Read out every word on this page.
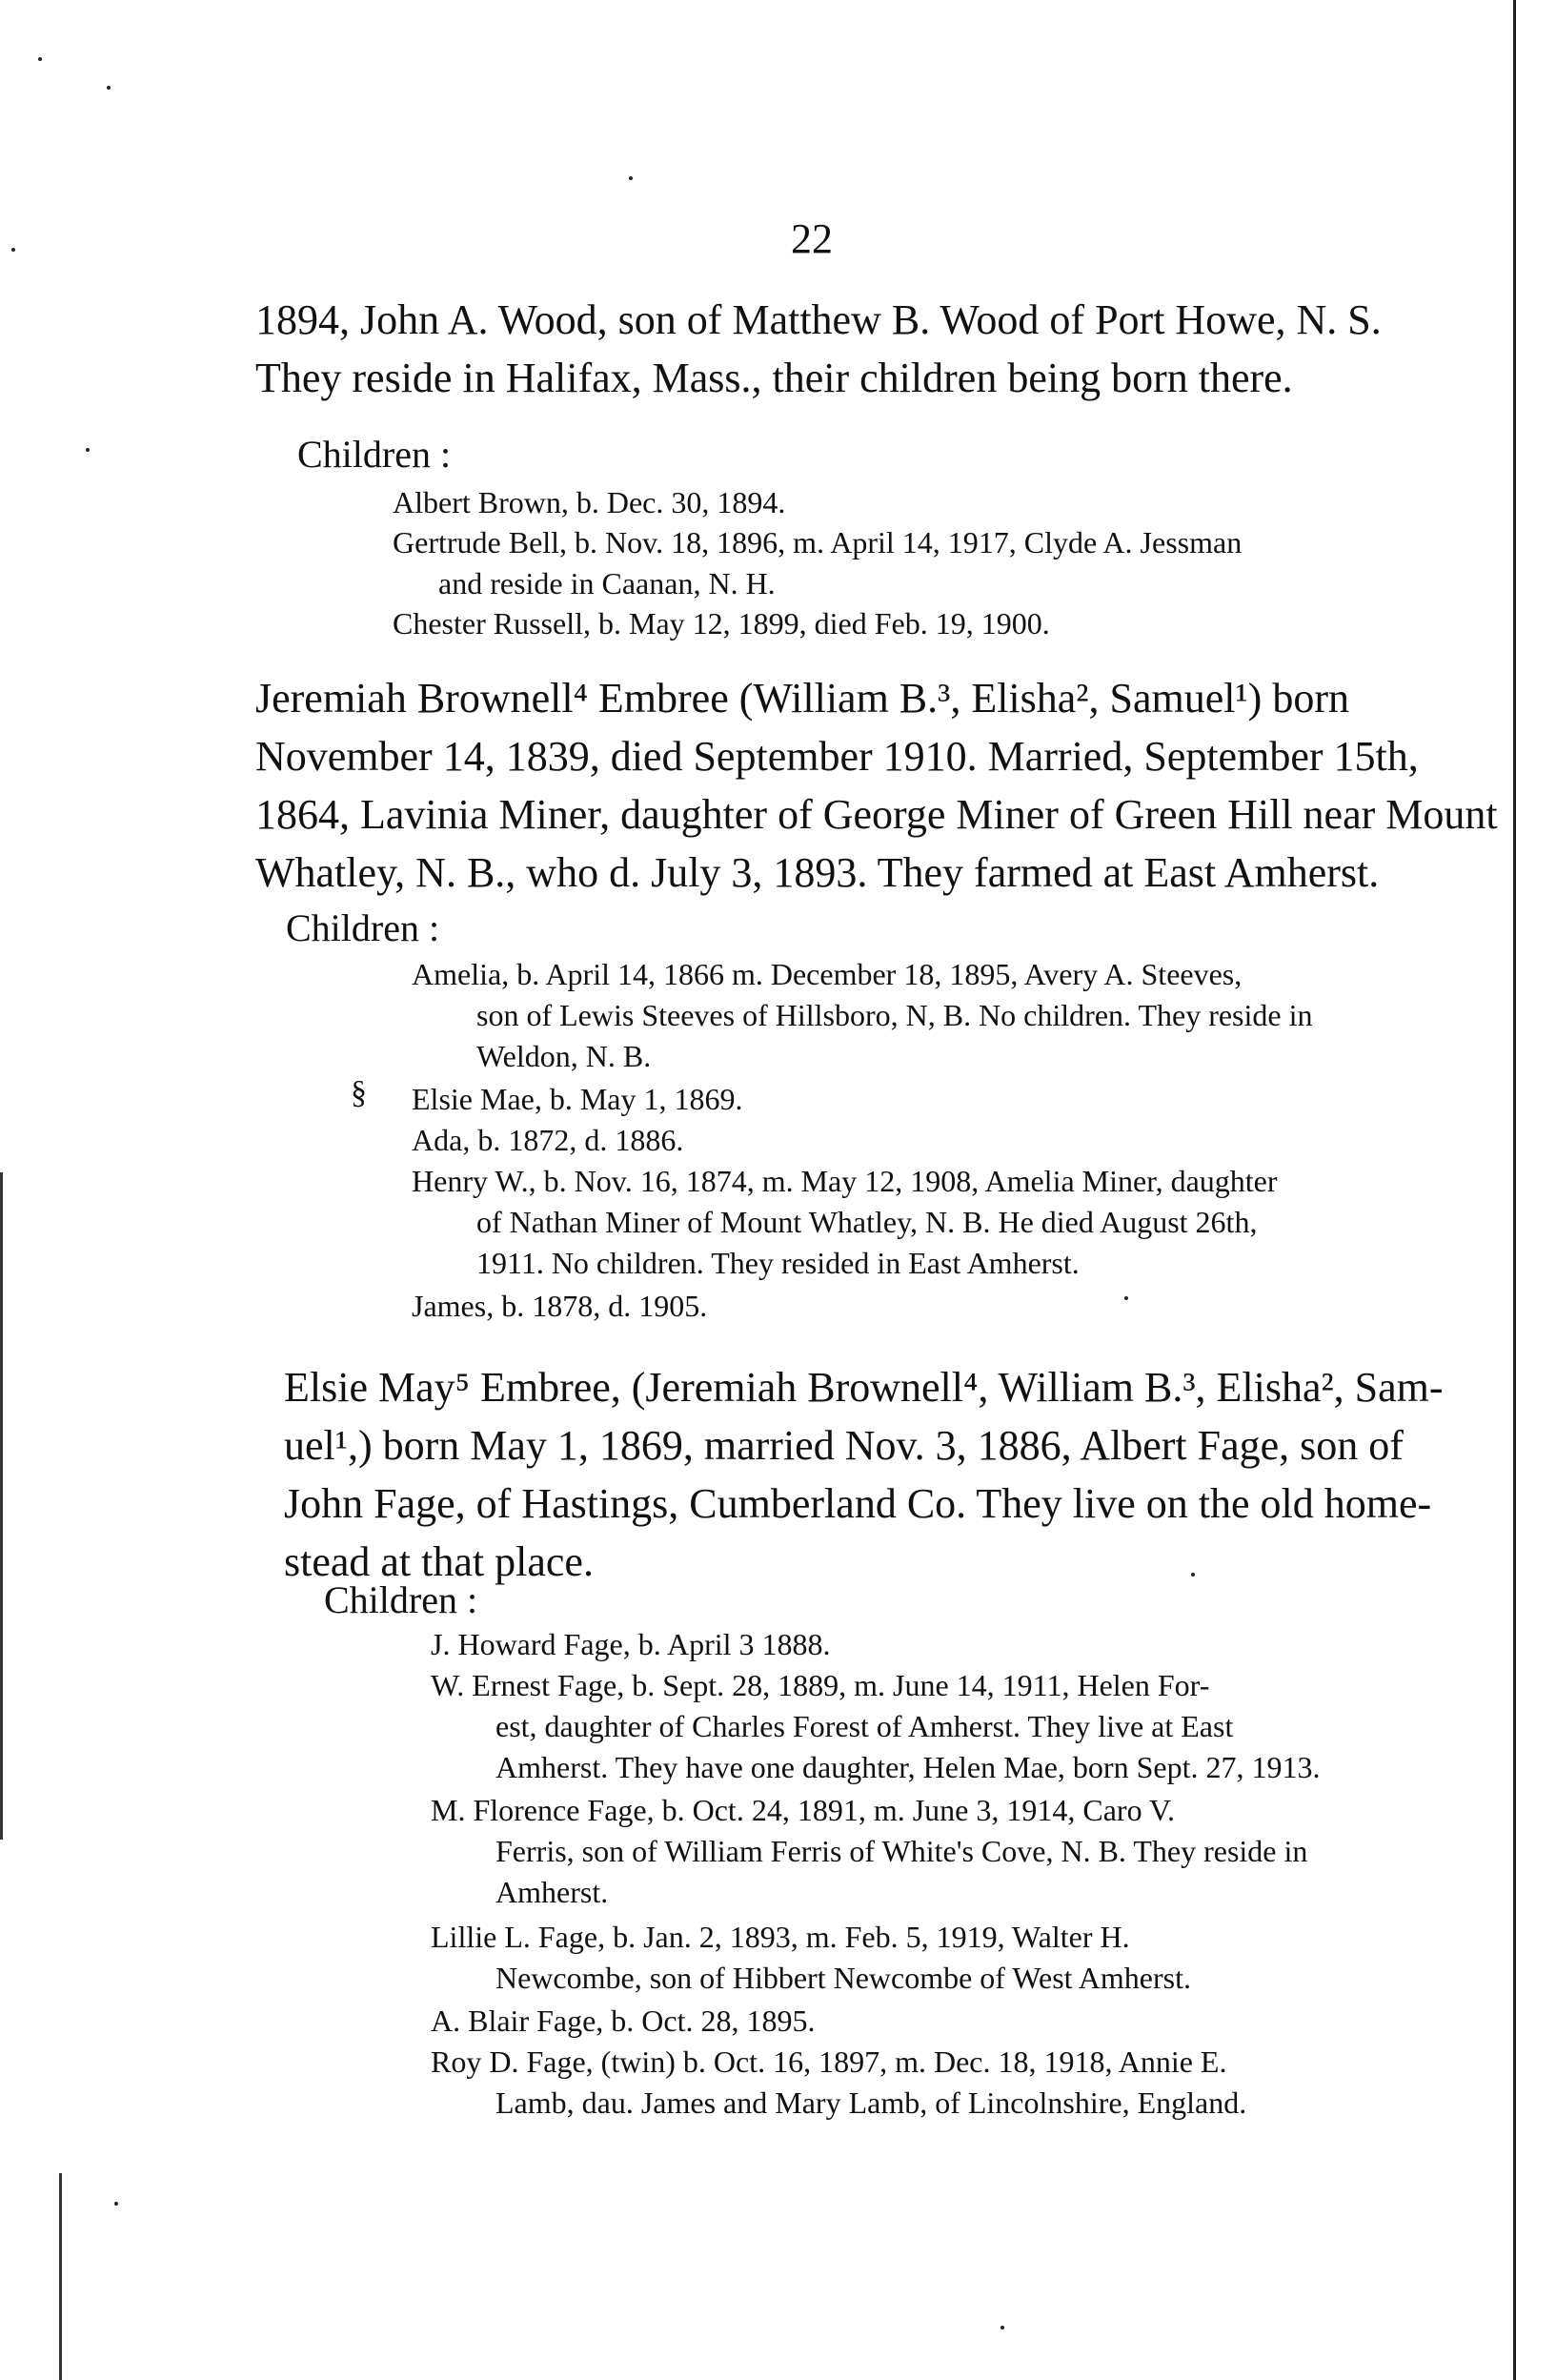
22
1894, John A. Wood, son of Matthew B. Wood of Port Howe, N. S.
They reside in Halifax, Mass., their children being born there.
Children :
Albert Brown, b. Dec. 30, 1894.
Gertrude Bell, b. Nov. 18, 1896, m. April 14, 1917, Clyde A. Jessman
and reside in Caanan, N. H.
Chester Russell, b. May 12, 1899, died Feb. 19, 1900.
Jeremiah Brownell⁴ Embree (William B.³, Elisha², Samuel¹) born
November 14, 1839, died September 1910. Married, September 15th,
1864, Lavinia Miner, daughter of George Miner of Green Hill near Mount
Whatley, N. B., who d. July 3, 1893. They farmed at East Amherst.
Children :
Amelia, b. April 14, 1866 m. December 18, 1895, Avery A. Steeves,
son of Lewis Steeves of Hillsboro, N, B. No children. They reside in
Weldon, N. B.
§ Elsie Mae, b. May 1, 1869.
Ada, b. 1872, d. 1886.
Henry W., b. Nov. 16, 1874, m. May 12, 1908, Amelia Miner, daughter
of Nathan Miner of Mount Whatley, N. B. He died August 26th,
1911. No children. They resided in East Amherst.
James, b. 1878, d. 1905.
Elsie May⁵ Embree, (Jeremiah Brownell⁴, William B.³, Elisha², Sam-
uel¹,) born May 1, 1869, married Nov. 3, 1886, Albert Fage, son of
John Fage, of Hastings, Cumberland Co. They live on the old home-
stead at that place.
Children :
J. Howard Fage, b. April 3 1888.
W. Ernest Fage, b. Sept. 28, 1889, m. June 14, 1911, Helen For-
est, daughter of Charles Forest of Amherst. They live at East
Amherst. They have one daughter, Helen Mae, born Sept. 27, 1913.
M. Florence Fage, b. Oct. 24, 1891, m. June 3, 1914, Caro V.
Ferris, son of William Ferris of White's Cove, N. B. They reside in
Amherst.
Lillie L. Fage, b. Jan. 2, 1893, m. Feb. 5, 1919, Walter H.
Newcombe, son of Hibbert Newcombe of West Amherst.
A. Blair Fage, b. Oct. 28, 1895.
Roy D. Fage, (twin) b. Oct. 16, 1897, m. Dec. 18, 1918, Annie E.
Lamb, dau. James and Mary Lamb, of Lincolnshire, England.
